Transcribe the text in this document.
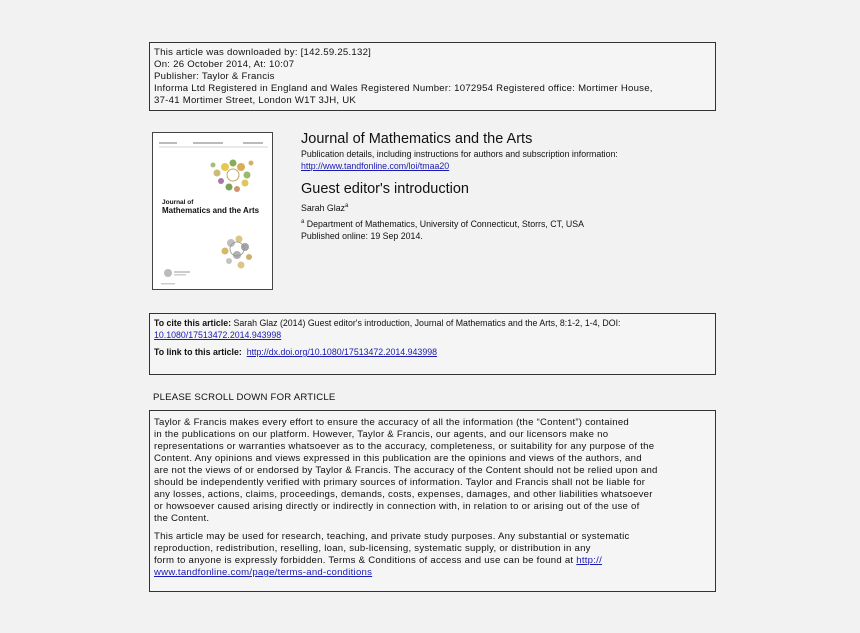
This article was downloaded by: [142.59.25.132]
On: 26 October 2014, At: 10:07
Publisher: Taylor & Francis
Informa Ltd Registered in England and Wales Registered Number: 1072954 Registered office: Mortimer House,
37-41 Mortimer Street, London W1T 3JH, UK
Journal of
Mathematics and the Arts
Journal of Mathematics and the Arts
Publication details, including instructions for authors and subscription information:
http://www.tandfonline.com/loi/tmaa20
Guest editor's introduction
Sarah Glaz$^a$
$^a$ Department of Mathematics, University of Connecticut, Storrs, CT, USA
Published online: 19 Sep 2014.
To cite this article: Sarah Glaz (2014) Guest editor's introduction, Journal of Mathematics and the Arts, 8:1-2, 1-4, DOI:
10.1080/17513472.2014.943998
To link to this article: http://dx.doi.org/10.1080/17513472.2014.943998
PLEASE SCROLL DOWN FOR ARTICLE

Taylor & Francis makes every effort to ensure the accuracy of all the information (the “Content”) contained
in the publications on our platform. However, Taylor & Francis, our agents, and our licensors make no
representations or warranties whatsoever as to the accuracy, completeness, or suitability for any purpose of the
Content. Any opinions and views expressed in this publication are the opinions and views of the authors, and
are not the views of or endorsed by Taylor & Francis. The accuracy of the Content should not be relied upon and
should be independently verified with primary sources of information. Taylor and Francis shall not be liable for
any losses, actions, claims, proceedings, demands, costs, expenses, damages, and other liabilities whatsoever
or howsoever caused arising directly or indirectly in connection with, in relation to or arising out of the use of
the Content.

This article may be used for research, teaching, and private study purposes. Any substantial or systematic
reproduction, redistribution, reselling, loan, sub-licensing, systematic supply, or distribution in any
form to anyone is expressly forbidden. Terms & Conditions of access and use can be found at http://
www.tandfonline.com/page/terms-and-conditions
